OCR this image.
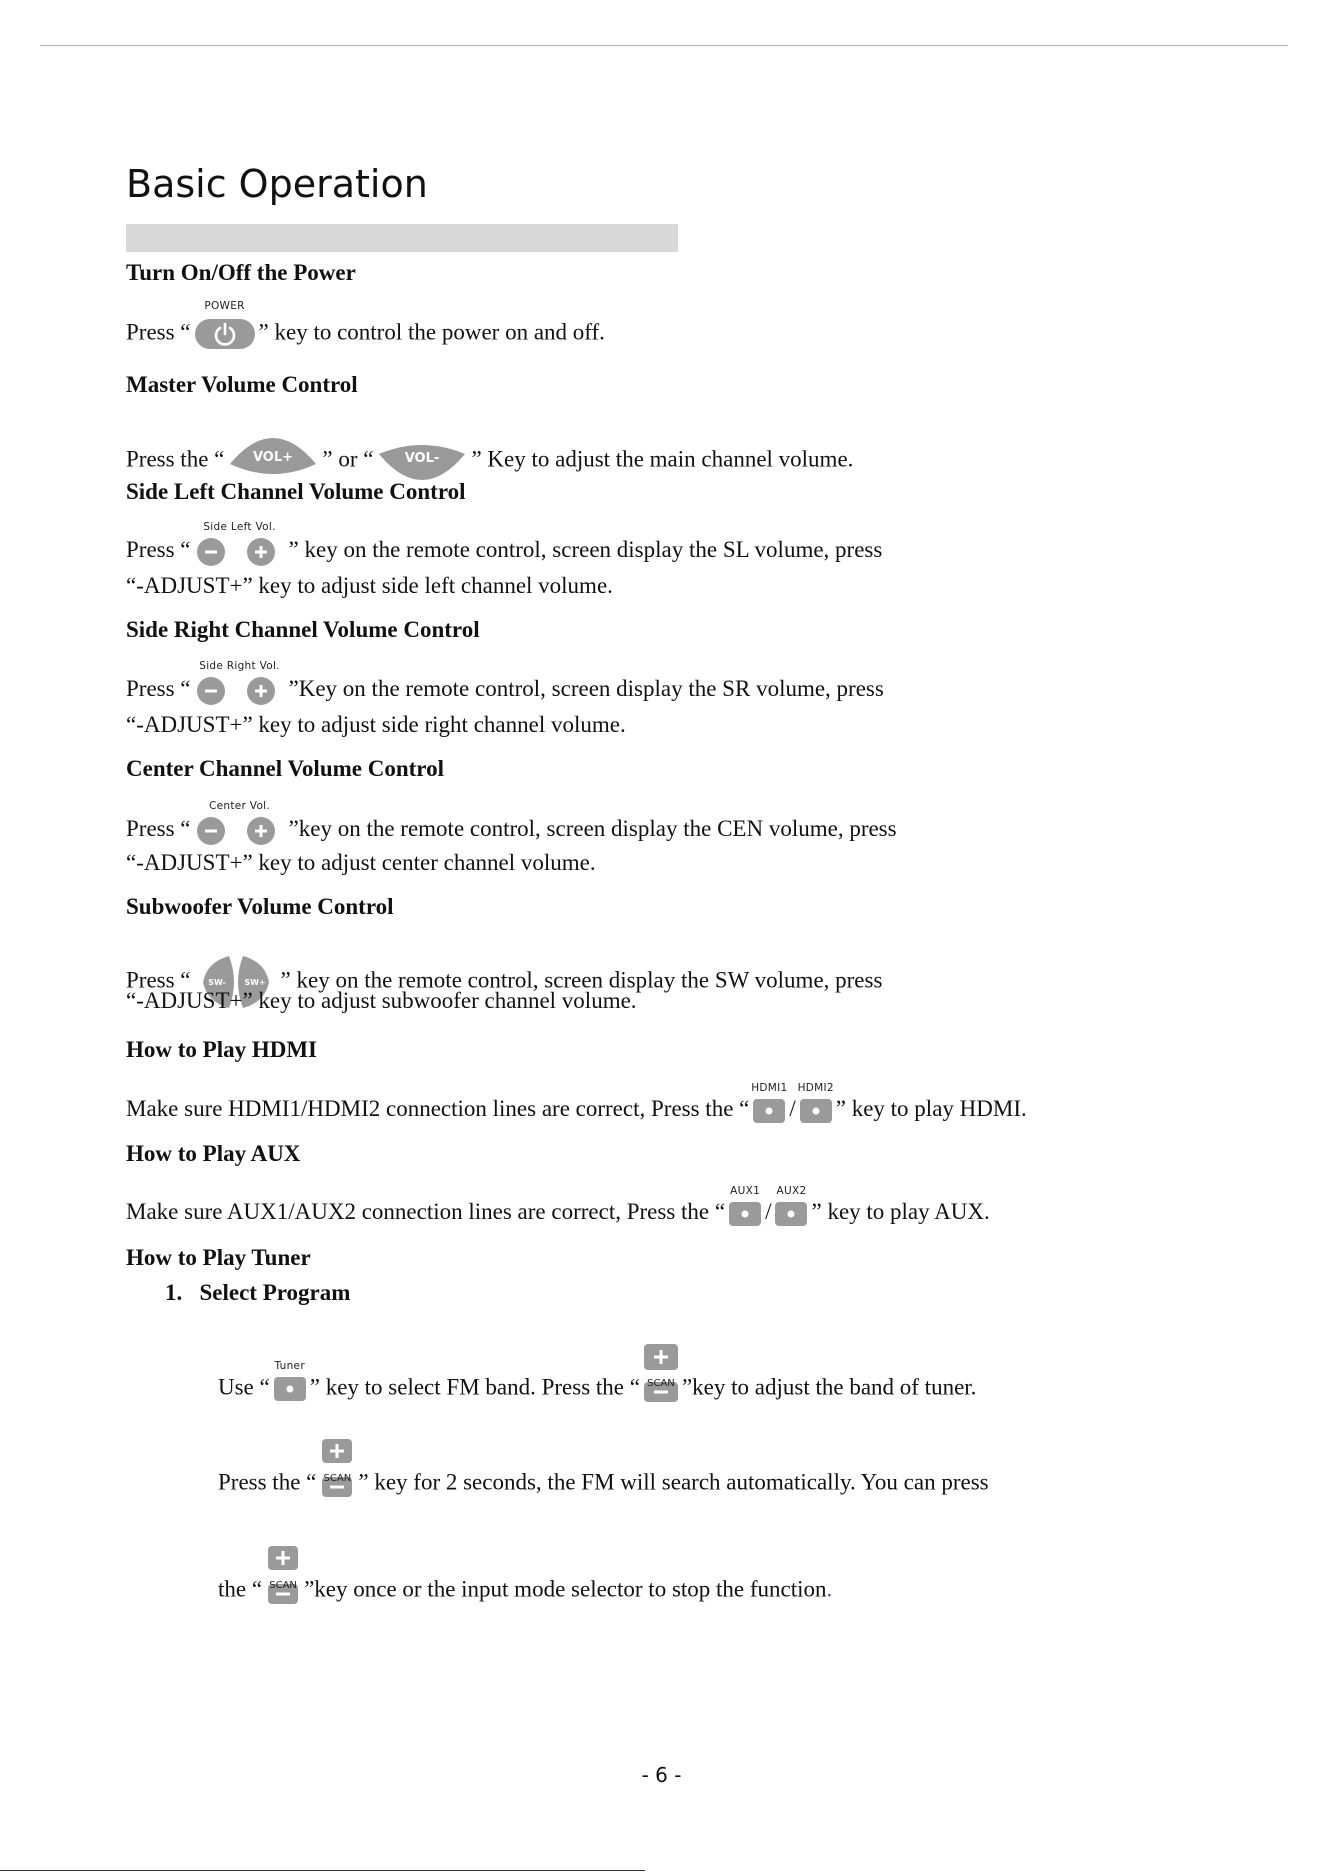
Basic Operation
Turn On/Off the Power
Press “
POWER
” key to control the power on and off.
Master Volume Control
Press the “ VOL+ ” or “ VOL- ” Key to adjust the main channel volume.
Side Left Channel Volume Control
Press “
Side Left Vol.
” key on the remote control, screen display the SL volume, press
“-ADJUST+” key to adjust side left channel volume.
Side Right Channel Volume Control
Press “
Side Right Vol.
”Key on the remote control, screen display the SR volume, press
“-ADJUST+” key to adjust side right channel volume.
Center Channel Volume Control
Press “
Center Vol.
”key on the remote control, screen display the CEN volume, press
“-ADJUST+” key to adjust center channel volume.
Subwoofer Volume Control
Press “ SW- SW+ ” key on the remote control, screen display the SW volume, press
“-ADJUST+” key to adjust subwoofer channel volume.
How to Play HDMI
Make sure HDMI1/HDMI2 connection lines are correct, Press the “
HDMI1
/
HDMI2
” key to play HDMI.
How to Play AUX
Make sure AUX1/AUX2 connection lines are correct, Press the “
AUX1
/
AUX2
” key to play AUX.
How to Play Tuner
1. Select Program
Use “
Tuner
” key to select FM band. Press the “ SCAN ”key to adjust the band of tuner.
Press the “ SCAN ” key for 2 seconds, the FM will search automatically. You can press
the “ SCAN ”key once or the input mode selector to stop the function.
- 6 -
